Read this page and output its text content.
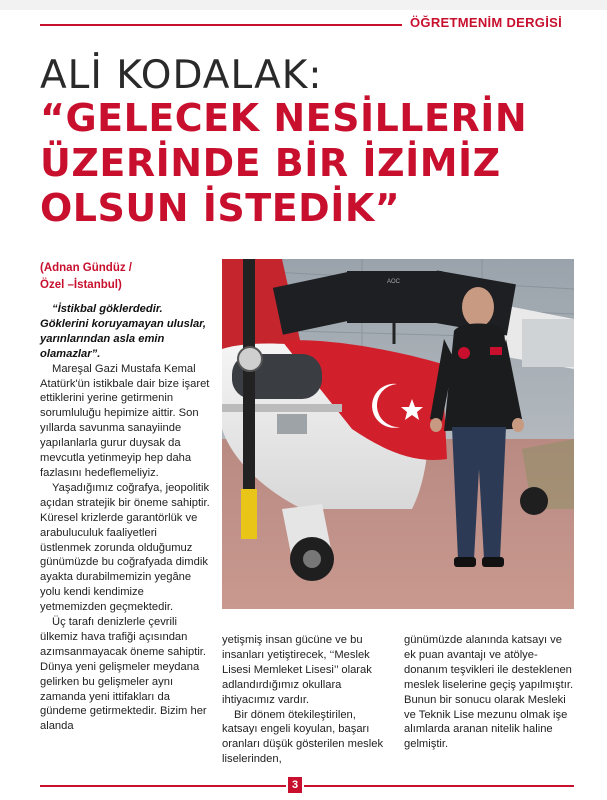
ÖĞRETMENİM DERGİSİ
ALİ KODALAK:
“GELECEK NESİLLERİN
ÜZERİNDE BİR İZİMİZ
OLSUN İSTEDİK”
(Adnan Gündüz /
Özel –İstanbul)

“İstikbal göklerdedir. Göklerini koruyamayan uluslar, yarınlarından asla emin olamazlar”.

Mareşal Gazi Mustafa Kemal Atatürk'ün istikbale dair bize işaret ettiklerini yerine getirmenin sorumluluğu hepimize aittir. Son yıllarda savunma sanayiinde yapılanlarla gurur duysak da mevcutla yetinmeyip hep daha fazlasını hedeflemeliyiz.

Yaşadığımız coğrafya, jeopolitik açıdan stratejik bir öneme sahiptir. Küresel krizlerde garantörlük ve arabuluculuk faaliyetleri üstlenmek zorunda olduğumuz günümüzde bu coğrafyada dimdik ayakta durabilmemizin yegâne yolu kendi kendimize yetmemizden geçmektedir.

Üç tarafı denizlerle çevrili ülkemiz hava trafiği açısından azımsanmayacak öneme sahiptir. Dünya yeni gelişmeler meydana gelirken bu gelişmeler aynı zamanda yeni ittifakları da gündeme getirmektedir. Bizim her alanda

AOC

yetişmiş insan gücüne ve bu insanları yetiştirecek, ‘‘Meslek Lisesi Memleket Lisesi’’ olarak adlandırdığımız okullara ihtiyacımız vardır.

Bir dönem ötekileştirilen, katsayı engeli koyulan, başarı oranları düşük gösterilen meslek liselerinden,

günümüzde alanında katsayı ve ek puan avantajı ve atölye-donanım teşvikleri ile desteklenen meslek liselerine geçiş yapılmıştır. Bunun bir sonucu olarak Mesleki ve Teknik Lise mezunu olmak işe alımlarda aranan nitelik haline gelmiştir.

3
